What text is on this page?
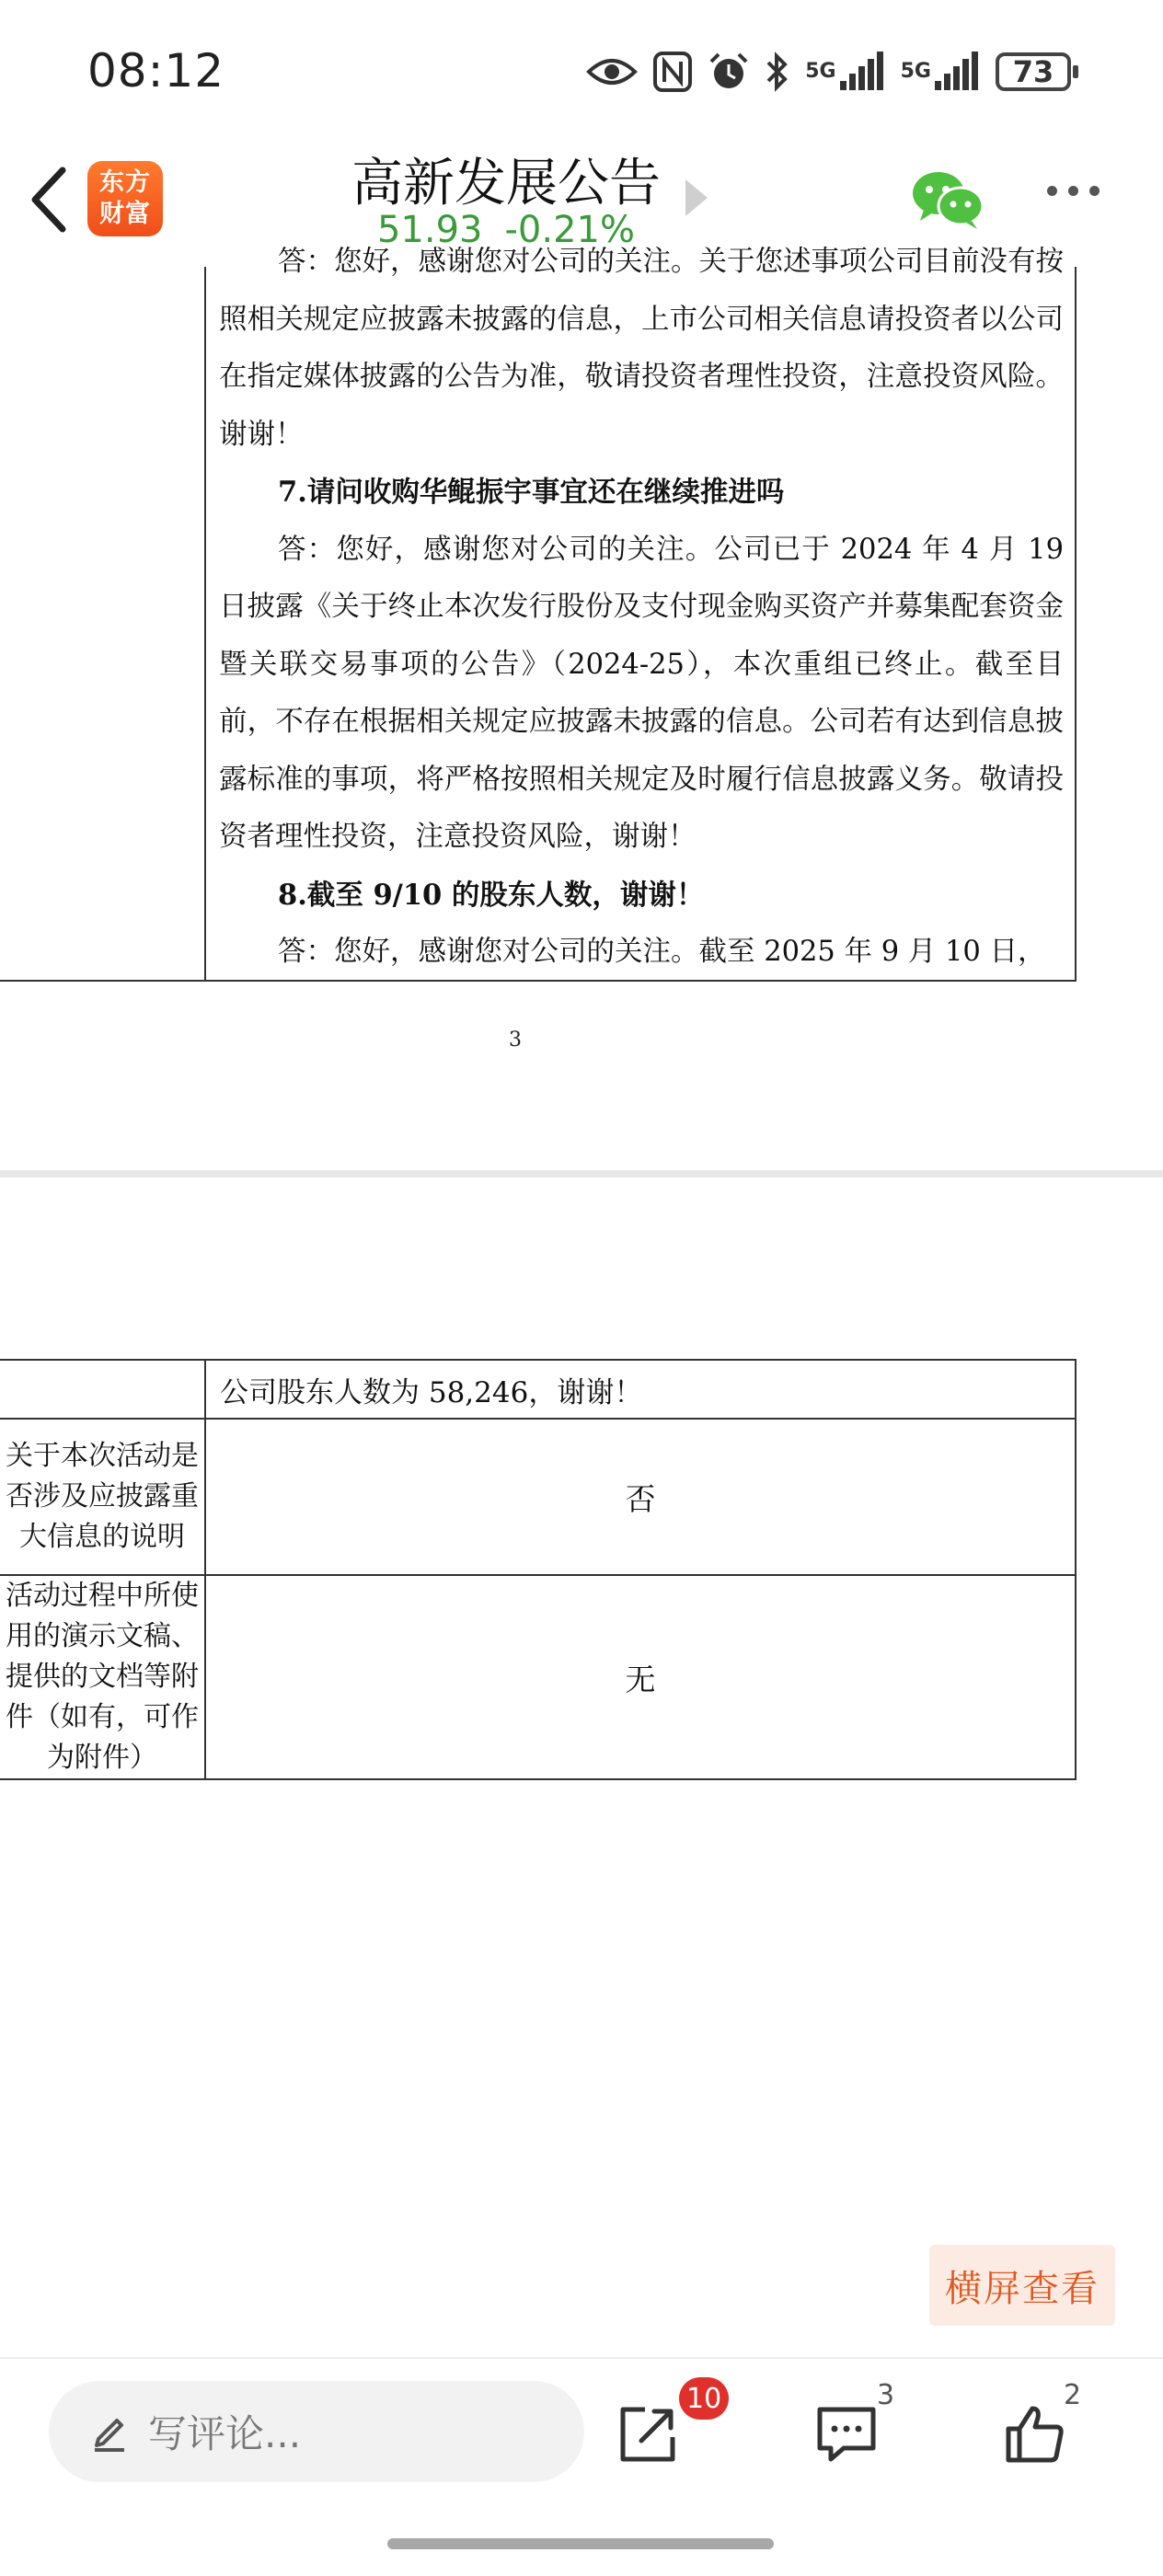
08:12	5G	5G	73
东方
财富
高新发展公告
51.93 -0.21%

答：您好，感谢您对公司的关注。关于您述事项公司目前没有按照相关规定应披露未披露的信息，上市公司相关信息请投资者以公司在指定媒体披露的公告为准，敬请投资者理性投资，注意投资风险。谢谢！

7.请问收购华鲲振宇事宜还在继续推进吗

答：您好，感谢您对公司的关注。公司已于 2024 年 4 月 19 日披露《关于终止本次发行股份及支付现金购买资产并募集配套资金暨关联交易事项的公告》（2024-25），本次重组已终止。截至目前，不存在根据相关规定应披露未披露的信息。公司若有达到信息披露标准的事项，将严格按照相关规定及时履行信息披露义务。敬请投资者理性投资，注意投资风险，谢谢！

8.截至 9/10 的股东人数，谢谢！

答：您好，感谢您对公司的关注。截至 2025 年 9 月 10 日，

3
	公司股东人数为 58,246，谢谢！
关于本次活动是否涉及应披露重大信息的说明	否
活动过程中所使用的演示文稿、提供的文档等附件（如有，可作为附件）	无
横屏查看
写评论...
10	3	2
